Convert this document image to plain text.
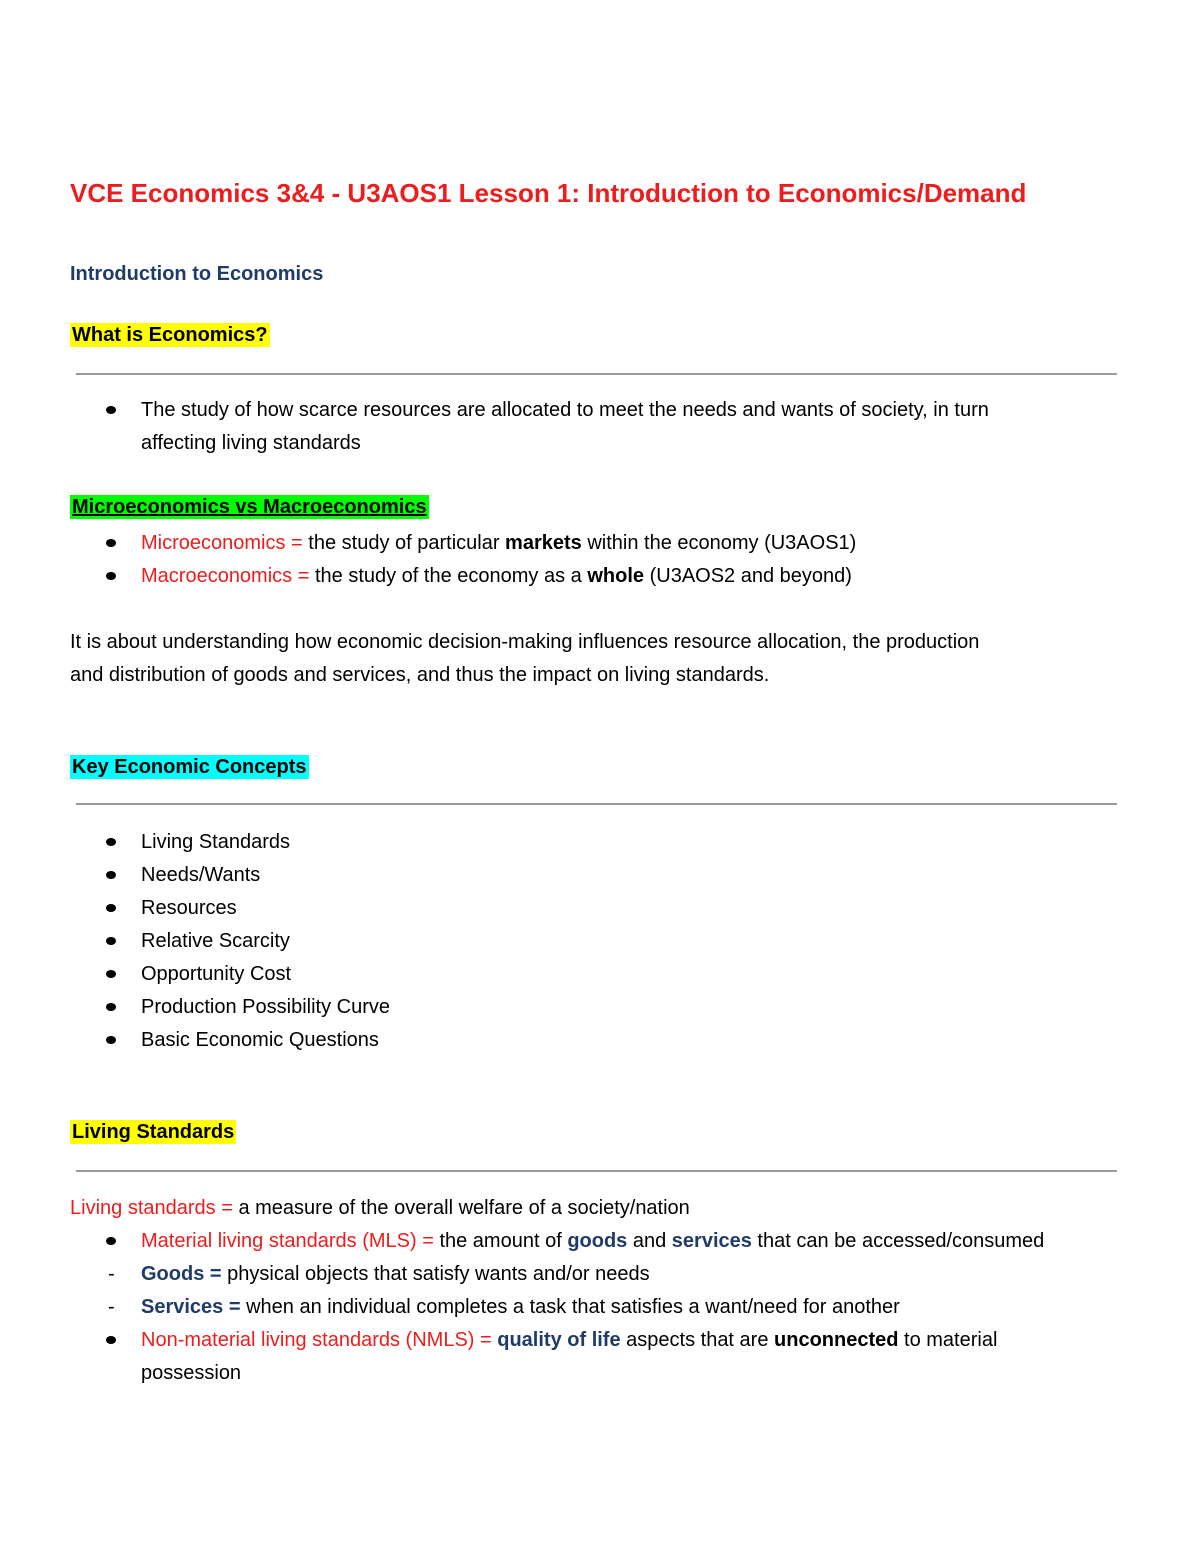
VCE Economics 3&4 - U3AOS1 Lesson 1: Introduction to Economics/Demand
Introduction to Economics
What is Economics?
The study of how scarce resources are allocated to meet the needs and wants of society, in turn
affecting living standards
Microeconomics vs Macroeconomics
Microeconomics = the study of particular markets within the economy (U3AOS1)
Macroeconomics = the study of the economy as a whole (U3AOS2 and beyond)
It is about understanding how economic decision-making influences resource allocation, the production
and distribution of goods and services, and thus the impact on living standards.
Key Economic Concepts
Living Standards
Needs/Wants
Resources
Relative Scarcity
Opportunity Cost
Production Possibility Curve
Basic Economic Questions
Living Standards
Living standards = a measure of the overall welfare of a society/nation
Material living standards (MLS) = the amount of goods and services that can be accessed/consumed
- Goods = physical objects that satisfy wants and/or needs
- Services = when an individual completes a task that satisfies a want/need for another
Non-material living standards (NMLS) = quality of life aspects that are unconnected to material
possession
